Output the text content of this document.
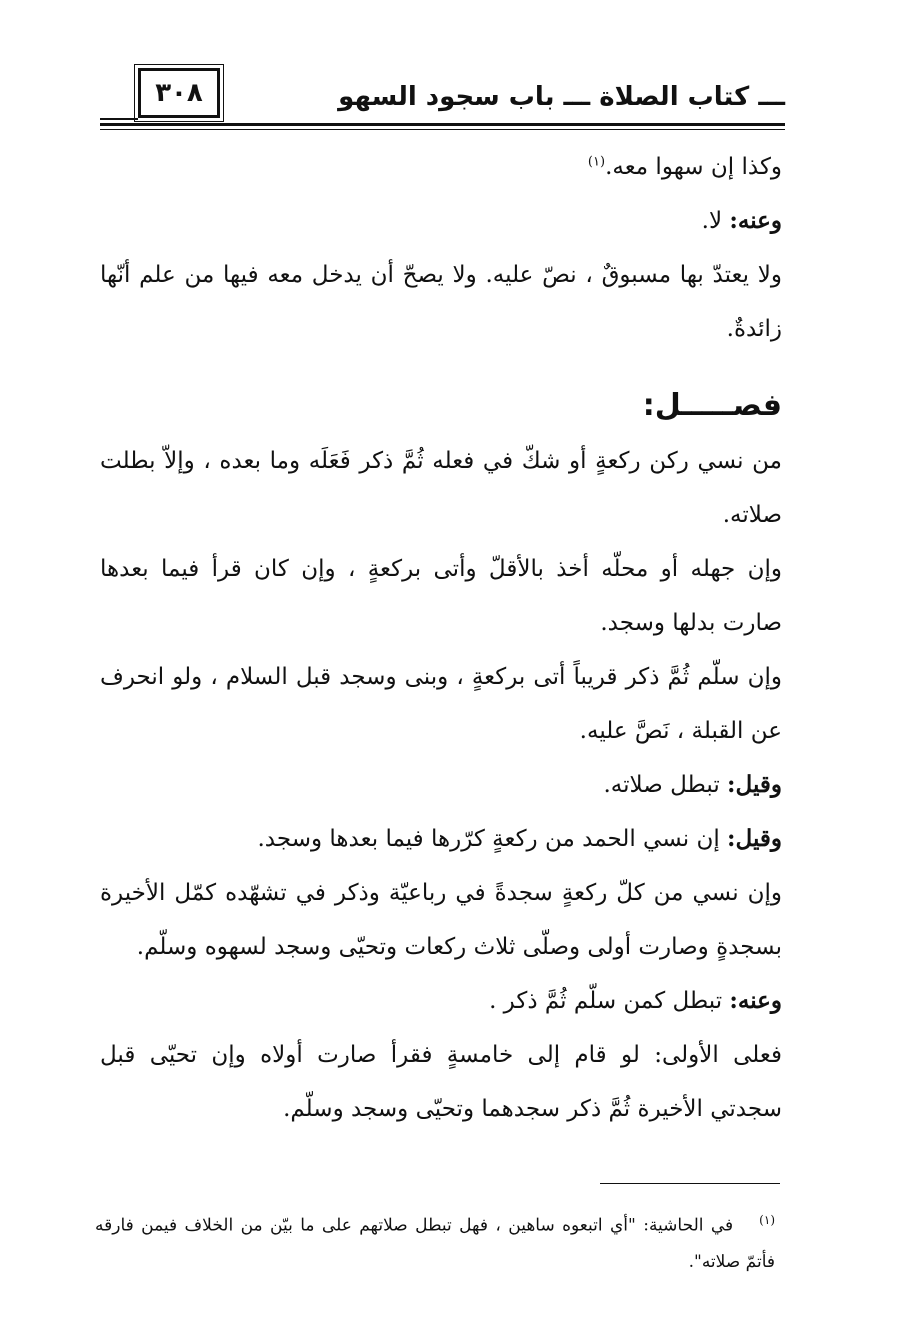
٣٠٨	ـــ كتاب الصلاة ـــ باب سجود السهو

وكذا إن سهوا معه.$^{(١)}$

وعنه: لا.

ولا يعتدّ بها مسبوقٌ ، نصّ عليه. ولا يصحّ أن يدخل معه فيها من علم أنّها زائدةٌ.

فصـــــل:

من نسي ركن ركعةٍ أو شكّ في فعله ثُمَّ ذكر فَعَلَه وما بعده ، وإلاّ بطلت صلاته.

وإن جهله أو محلّه أخذ بالأقلّ وأتى بركعةٍ ، وإن كان قرأ فيما بعدها صارت بدلها وسجد.

وإن سلّم ثُمَّ ذكر قريباً أتى بركعةٍ ، وبنى وسجد قبل السلام ، ولو انحرف عن القبلة ، نَصَّ عليه.

وقيل: تبطل صلاته.

وقيل: إن نسي الحمد من ركعةٍ كرّرها فيما بعدها وسجد.

وإن نسي من كلّ ركعةٍ سجدةً في رباعيّة وذكر في تشهّده كمّل الأخيرة بسجدةٍ وصارت أولى وصلّى ثلاث ركعات وتحيّى وسجد لسهوه وسلّم.

وعنه: تبطل كمن سلّم ثُمَّ ذكر .

فعلى الأولى: لو قام إلى خامسةٍ فقرأ صارت أولاه وإن تحيّى قبل سجدتي الأخيرة ثُمَّ ذكر سجدهما وتحيّى وسجد وسلّم.

$^{(١)}$في الحاشية: "أي اتبعوه ساهين ، فهل تبطل صلاتهم على ما بيّن من الخلاف فيمن فارقه فأتمّ صلاته".
